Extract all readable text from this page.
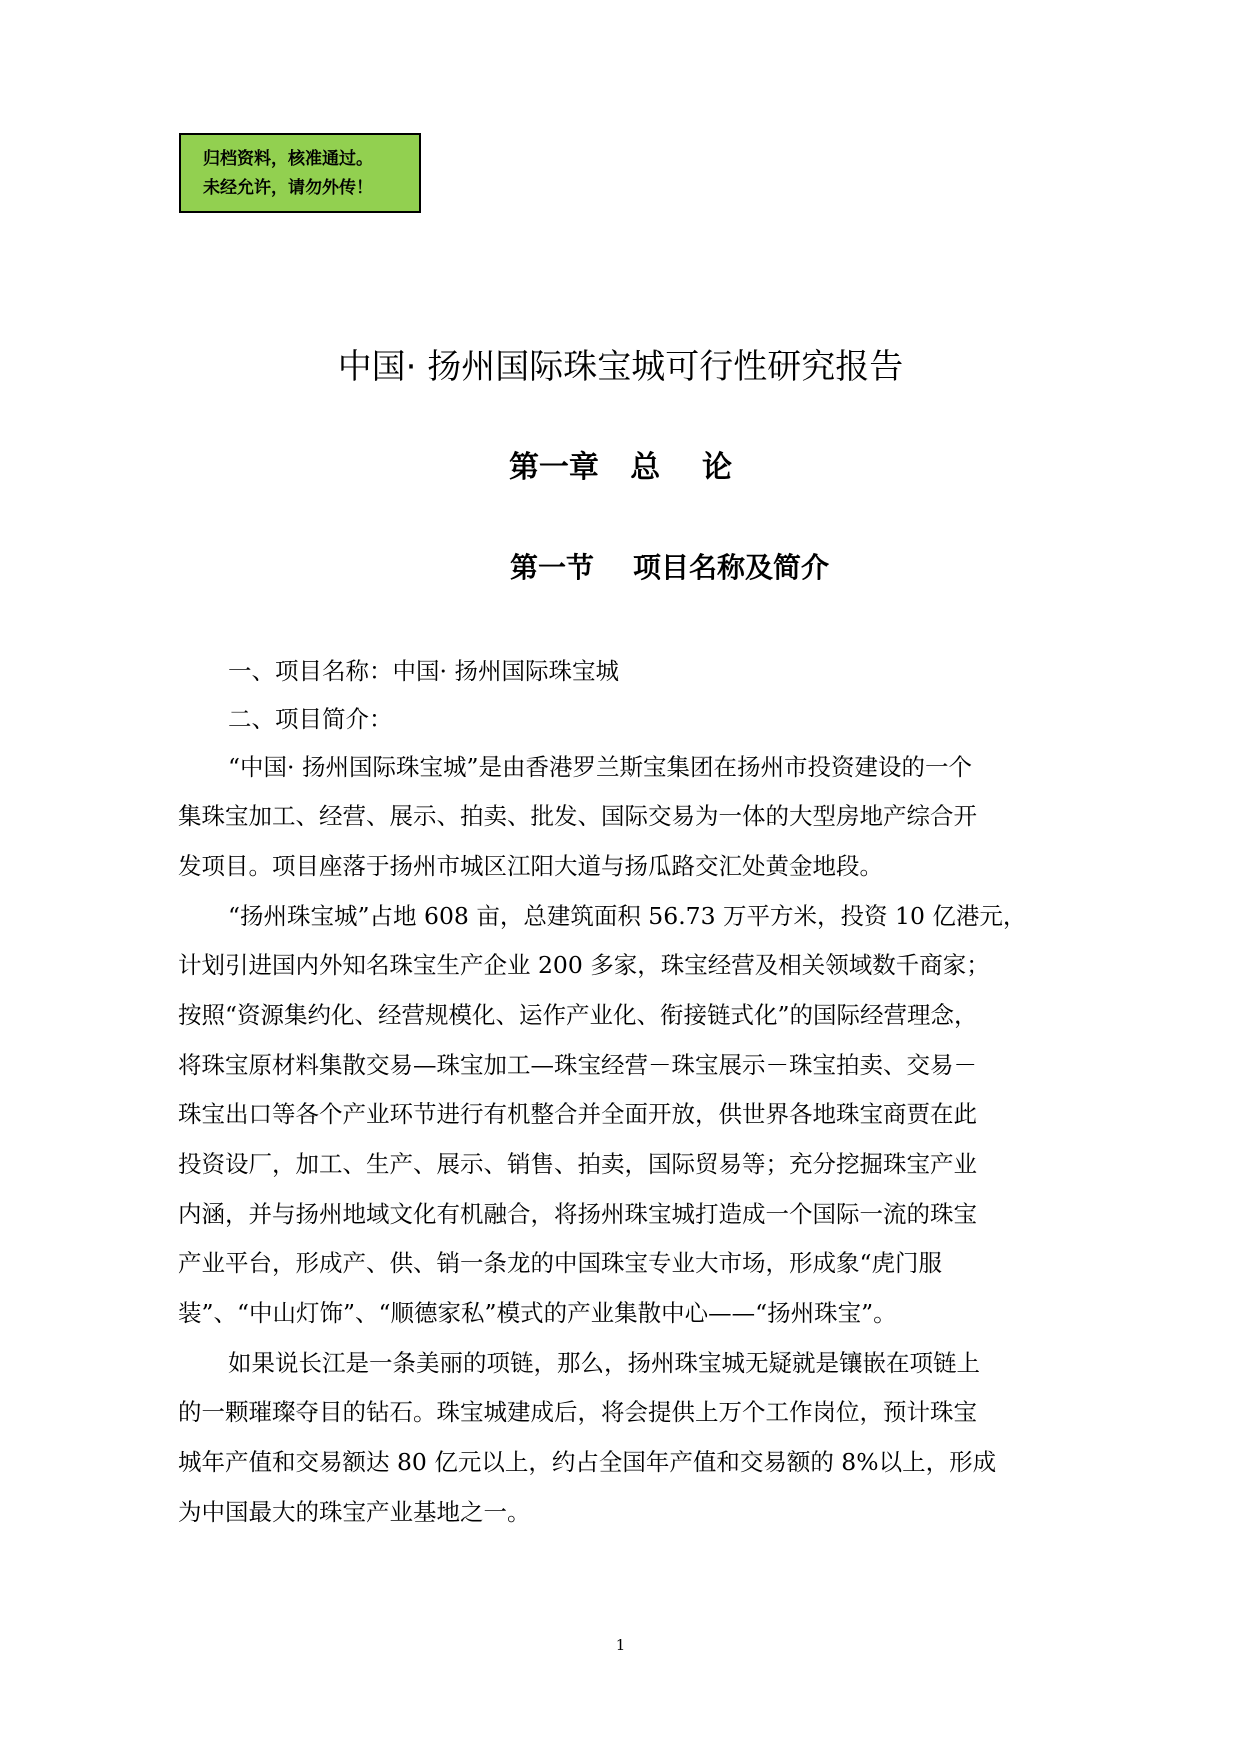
归档资料，核准通过。
未经允许，请勿外传！
中国· 扬州国际珠宝城可行性研究报告
第一章   总    论
第一节    项目名称及简介
一、项目名称：中国· 扬州国际珠宝城
二、项目简介：
“中国· 扬州国际珠宝城”是由香港罗兰斯宝集团在扬州市投资建设的一个
集珠宝加工、经营、展示、拍卖、批发、国际交易为一体的大型房地产综合开
发项目。项目座落于扬州市城区江阳大道与扬瓜路交汇处黄金地段。
“扬州珠宝城”占地 608 亩，总建筑面积 56.73 万平方米，投资 10 亿港元，
计划引进国内外知名珠宝生产企业 200 多家，珠宝经营及相关领域数千商家；
按照“资源集约化、经营规模化、运作产业化、衔接链式化”的国际经营理念，
将珠宝原材料集散交易—珠宝加工—珠宝经营－珠宝展示－珠宝拍卖、交易－
珠宝出口等各个产业环节进行有机整合并全面开放，供世界各地珠宝商贾在此
投资设厂，加工、生产、展示、销售、拍卖，国际贸易等；充分挖掘珠宝产业
内涵，并与扬州地域文化有机融合，将扬州珠宝城打造成一个国际一流的珠宝
产业平台，形成产、供、销一条龙的中国珠宝专业大市场，形成象“虎门服
装”、“中山灯饰”、“顺德家私”模式的产业集散中心——“扬州珠宝”。
如果说长江是一条美丽的项链，那么，扬州珠宝城无疑就是镶嵌在项链上
的一颗璀璨夺目的钻石。珠宝城建成后，将会提供上万个工作岗位，预计珠宝
城年产值和交易额达 80 亿元以上，约占全国年产值和交易额的 8%以上，形成
为中国最大的珠宝产业基地之一。
1
